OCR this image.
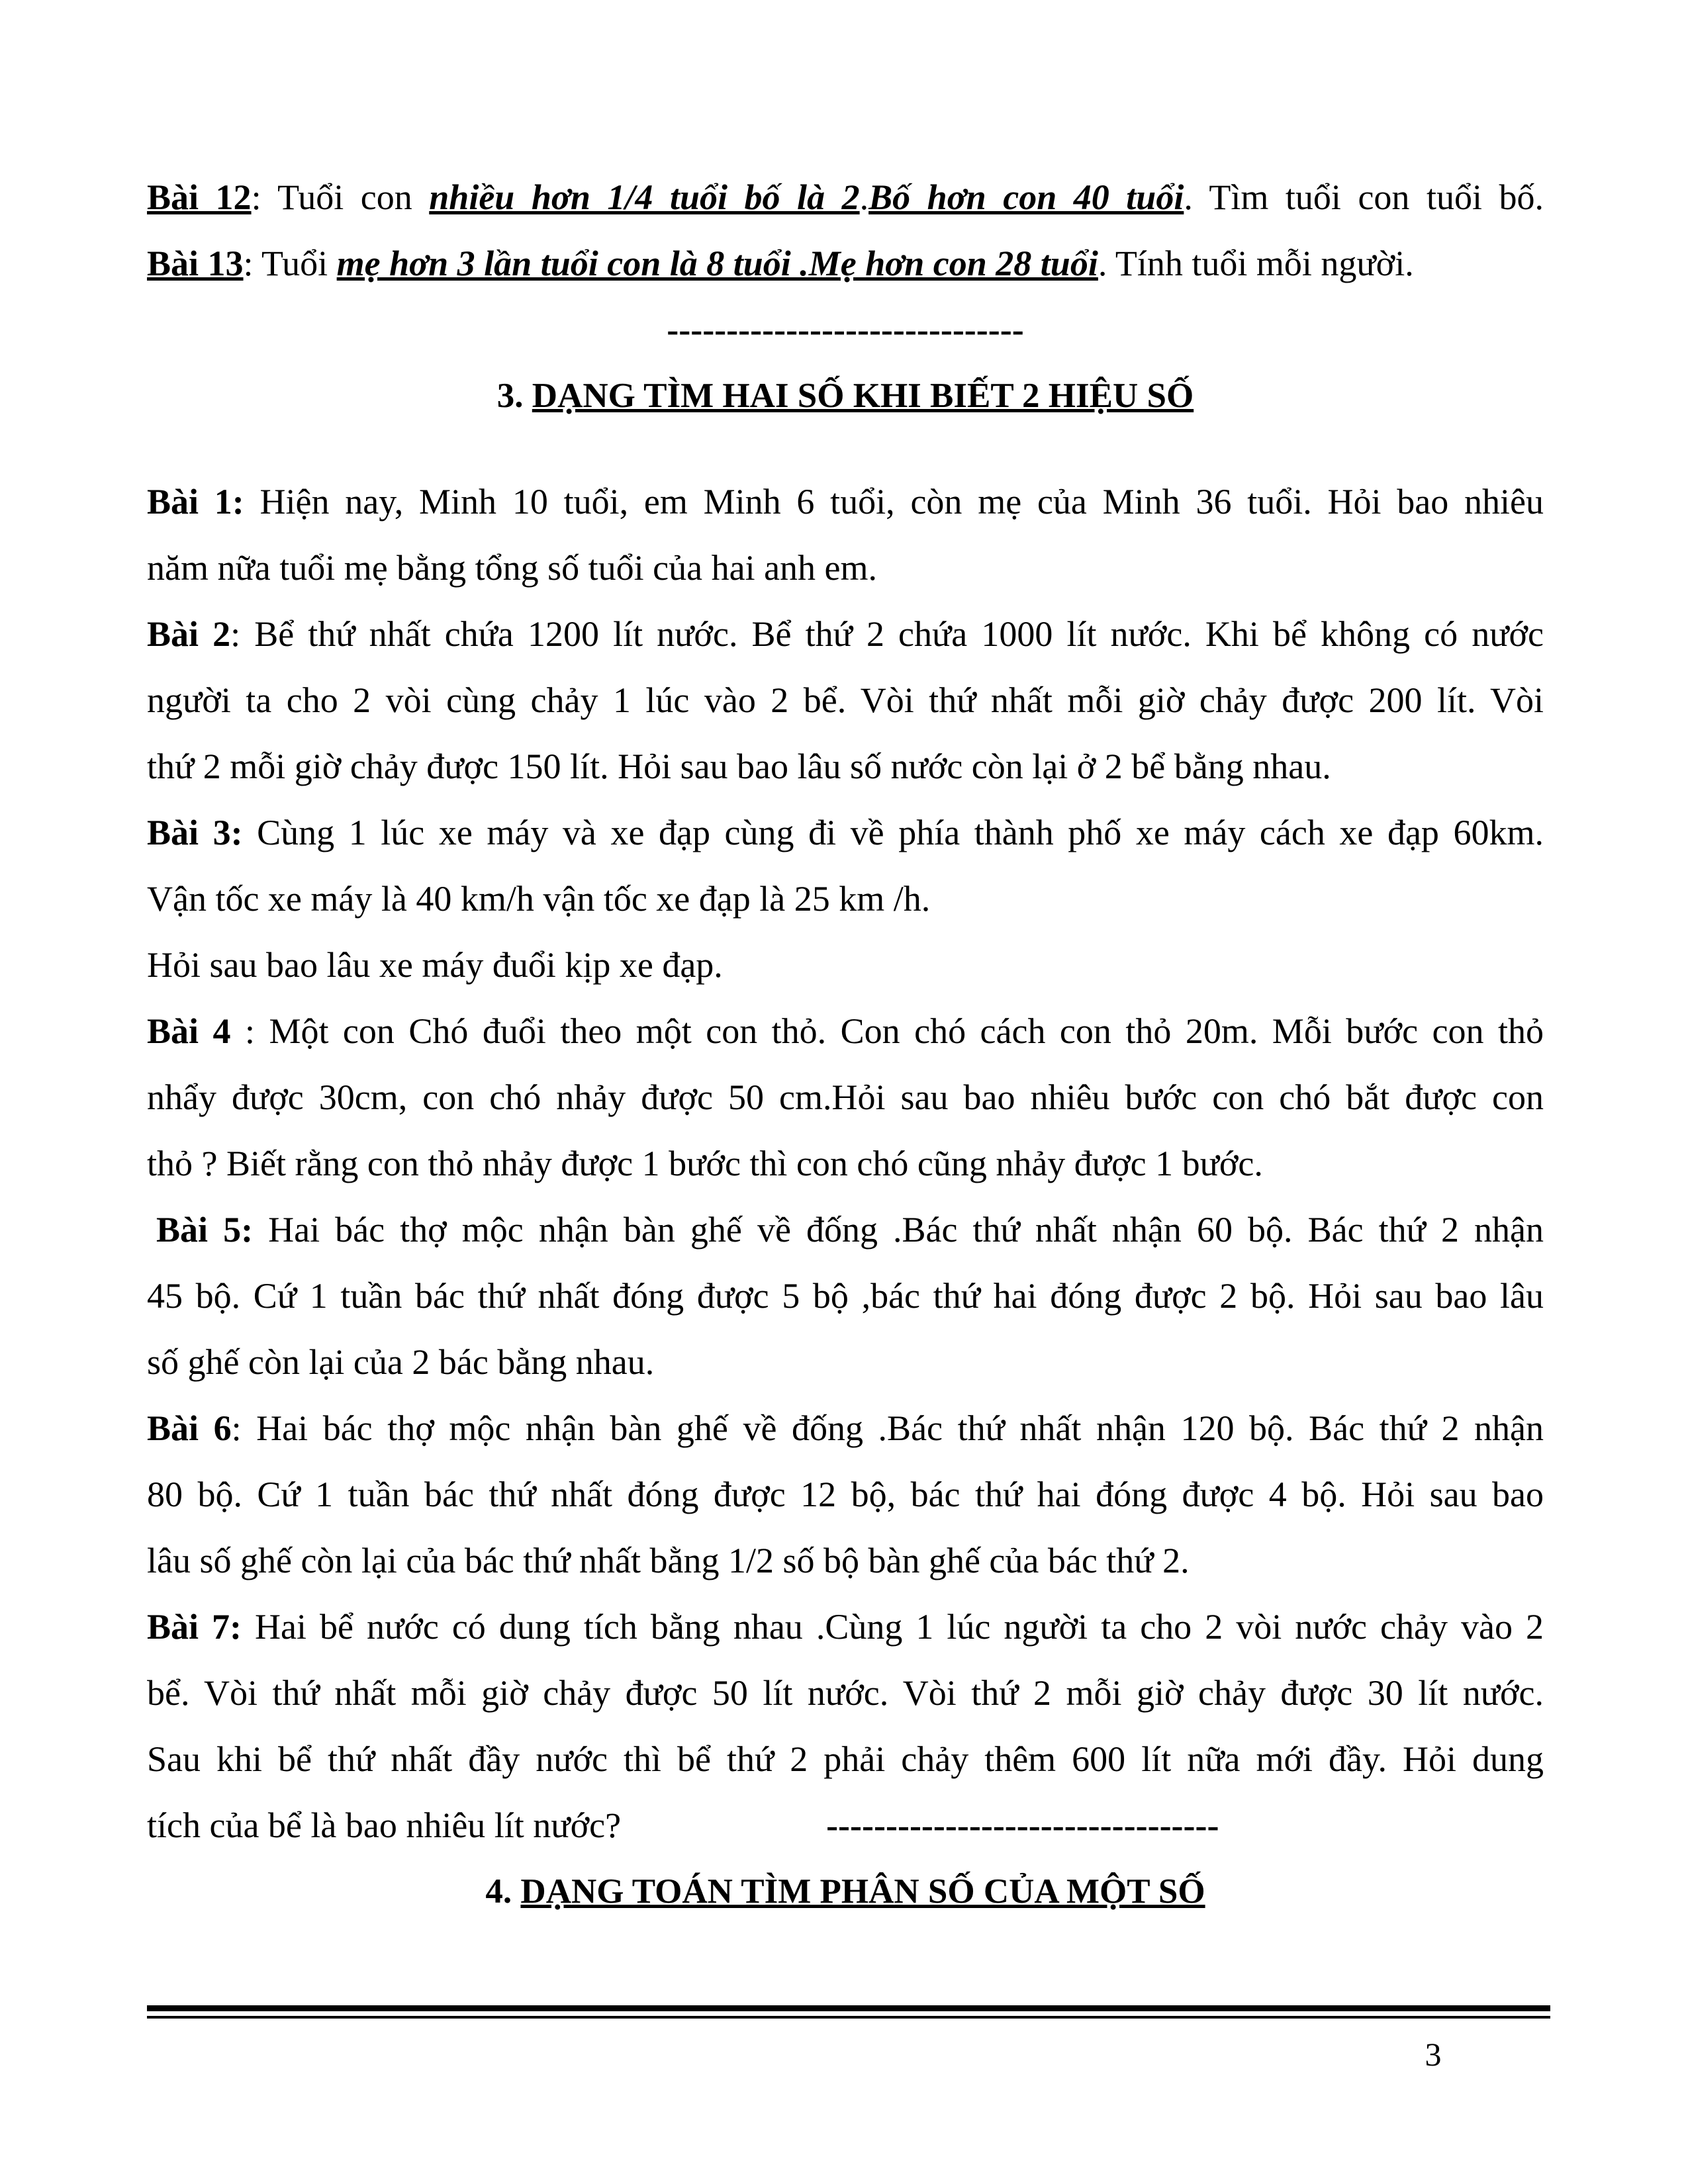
Bài 12: Tuổi con nhiều hơn 1/4 tuổi bố là 2.Bố hơn con 40 tuổi. Tìm tuổi con tuổi bố.

Bài 13: Tuổi mẹ hơn 3 lần tuổi con là 8 tuổi .Mẹ hơn con 28 tuổi. Tính tuổi mỗi người.

------------------------------

3. DẠNG TÌM HAI SỐ KHI BIẾT 2 HIỆU SỐ

Bài 1: Hiện nay, Minh 10 tuổi, em Minh 6 tuổi, còn mẹ của Minh 36 tuổi. Hỏi bao nhiêu

năm nữa tuổi mẹ bằng tổng số tuổi của hai anh em.

Bài 2: Bể thứ nhất chứa 1200 lít nước. Bể thứ 2 chứa 1000 lít nước. Khi bể không có nước

người ta cho 2 vòi cùng chảy 1 lúc vào 2 bể. Vòi thứ nhất mỗi giờ chảy được 200 lít. Vòi

thứ 2 mỗi giờ chảy được 150 lít. Hỏi sau bao lâu số nước còn lại ở 2 bể bằng nhau.

Bài 3: Cùng 1 lúc xe máy và xe đạp cùng đi về phía thành phố xe máy cách xe đạp 60km.

Vận tốc xe máy là 40 km/h vận tốc xe đạp là 25 km /h.

Hỏi sau bao lâu xe máy đuổi kịp xe đạp.

Bài 4 : Một con Chó đuổi theo một con thỏ. Con chó cách con thỏ 20m. Mỗi bước con thỏ

nhẩy được 30cm, con chó nhảy được 50 cm.Hỏi sau bao nhiêu bước con chó bắt được con

thỏ ? Biết rằng con thỏ nhảy được 1 bước thì con chó cũng nhảy được 1 bước.

Bài 5: Hai bác thợ mộc nhận bàn ghế về đống .Bác thứ nhất nhận 60 bộ. Bác thứ 2 nhận

45 bộ. Cứ 1 tuần bác thứ nhất đóng được 5 bộ ,bác thứ hai đóng được 2 bộ. Hỏi sau bao lâu

số ghế còn lại của 2 bác bằng nhau.

Bài 6: Hai bác thợ mộc nhận bàn ghế về đống .Bác thứ nhất nhận 120 bộ. Bác thứ 2 nhận

80 bộ. Cứ 1 tuần bác thứ nhất đóng được 12 bộ, bác thứ hai đóng được 4 bộ. Hỏi sau bao

lâu số ghế còn lại của bác thứ nhất bằng 1/2 số bộ bàn ghế của bác thứ 2.

Bài 7: Hai bể nước có dung tích bằng nhau .Cùng 1 lúc người ta cho 2 vòi nước chảy vào 2

bể. Vòi thứ nhất mỗi giờ chảy được 50 lít nước. Vòi thứ 2 mỗi giờ chảy được 30 lít nước.

Sau khi bể thứ nhất đầy nước thì bể thứ 2 phải chảy thêm 600 lít nữa mới đầy. Hỏi dung

tích của bể là bao nhiêu lít nước?	---------------------------------

4. DẠNG TOÁN TÌM PHÂN SỐ CỦA MỘT SỐ

3
